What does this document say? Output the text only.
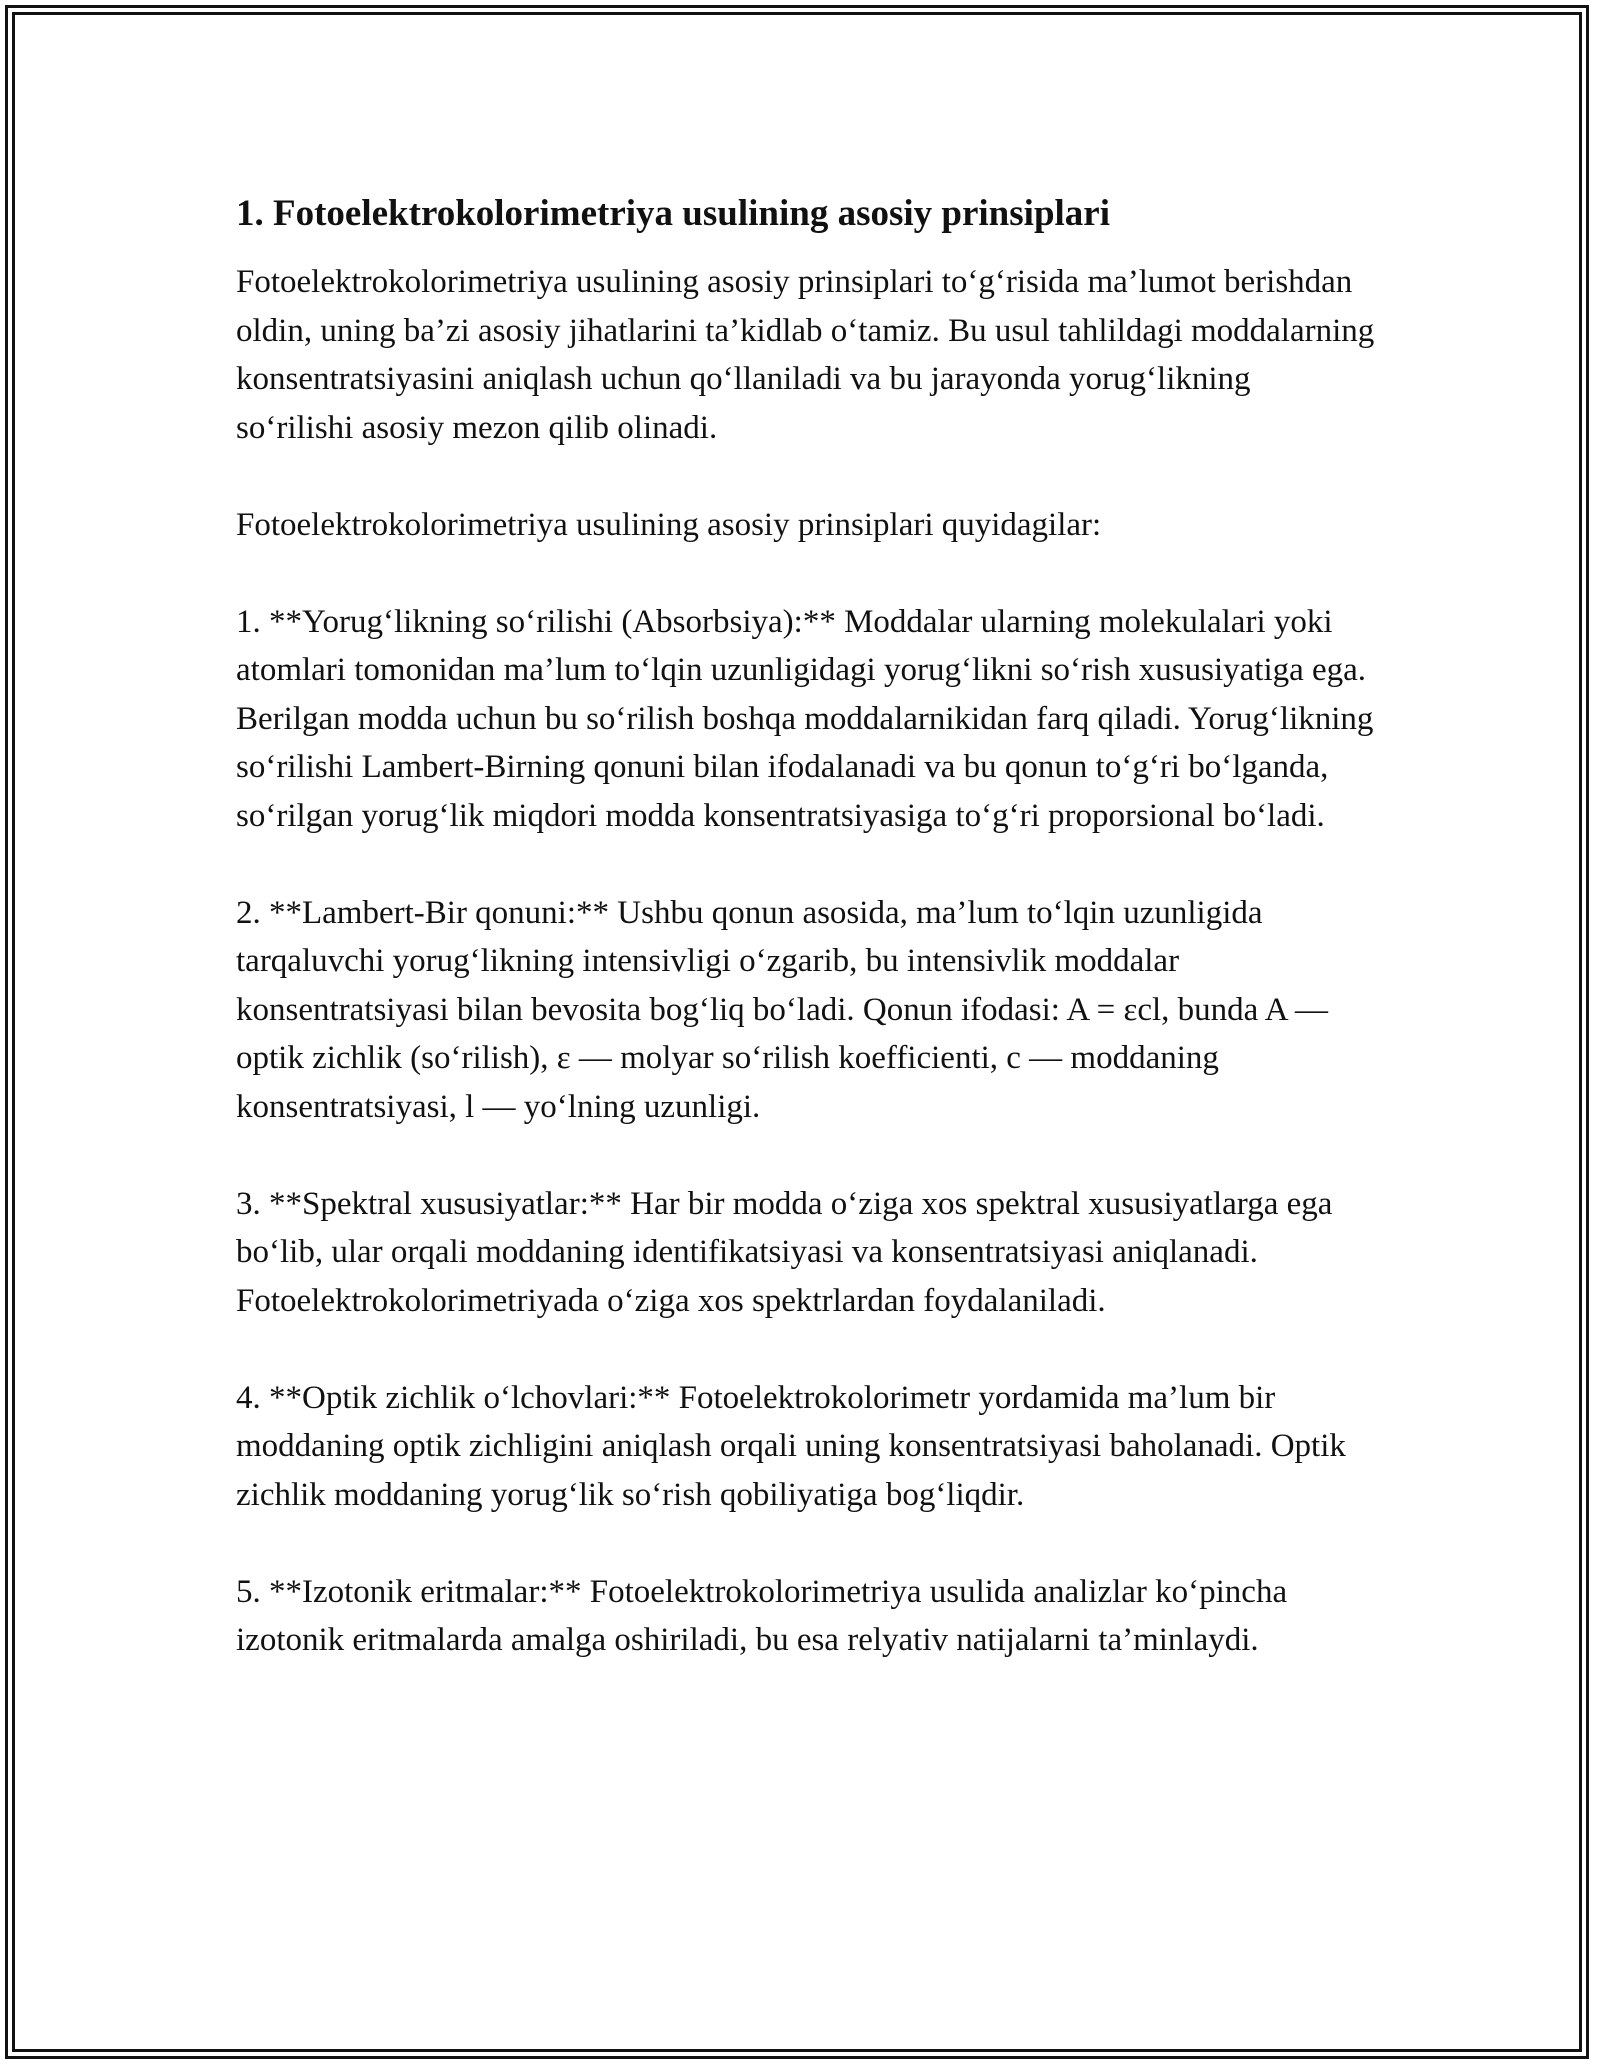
1. Fotoelektrokolorimetriya usulining asosiy prinsiplari

Fotoelektrokolorimetriya usulining asosiy prinsiplari to‘g‘risida ma’lumot berishdan oldin, uning ba’zi asosiy jihatlarini ta’kidlab o‘tamiz. Bu usul tahlildagi moddalarning konsentratsiyasini aniqlash uchun qo‘llaniladi va bu jarayonda yorug‘likning so‘rilishi asosiy mezon qilib olinadi.

Fotoelektrokolorimetriya usulining asosiy prinsiplari quyidagilar:

1. **Yorug‘likning so‘rilishi (Absorbsiya):** Moddalar ularning molekulalari yoki atomlari tomonidan ma’lum to‘lqin uzunligidagi yorug‘likni so‘rish xususiyatiga ega. Berilgan modda uchun bu so‘rilish boshqa moddalarnikidan farq qiladi. Yorug‘likning so‘rilishi Lambert-Birning qonuni bilan ifodalanadi va bu qonun to‘g‘ri bo‘lganda, so‘rilgan yorug‘lik miqdori modda konsentratsiyasiga to‘g‘ri proporsional bo‘ladi.

2. **Lambert-Bir qonuni:** Ushbu qonun asosida, ma’lum to‘lqin uzunligida tarqaluvchi yorug‘likning intensivligi o‘zgarib, bu intensivlik moddalar konsentratsiyasi bilan bevosita bog‘liq bo‘ladi. Qonun ifodasi: A = εcl, bunda A — optik zichlik (so‘rilish), ε — molyar so‘rilish koefficienti, c — moddaning konsentratsiyasi, l — yo‘lning uzunligi.

3. **Spektral xususiyatlar:** Har bir modda o‘ziga xos spektral xususiyatlarga ega bo‘lib, ular orqali moddaning identifikatsiyasi va konsentratsiyasi aniqlanadi. Fotoelektrokolorimetriyada o‘ziga xos spektrlardan foydalaniladi.

4. **Optik zichlik o‘lchovlari:** Fotoelektrokolorimetr yordamida ma’lum bir moddaning optik zichligini aniqlash orqali uning konsentratsiyasi baholanadi. Optik zichlik moddaning yorug‘lik so‘rish qobiliyatiga bog‘liqdir.

5. **Izotonik eritmalar:** Fotoelektrokolorimetriya usulida analizlar ko‘pincha izotonik eritmalarda amalga oshiriladi, bu esa relyativ natijalarni ta’minlaydi.
